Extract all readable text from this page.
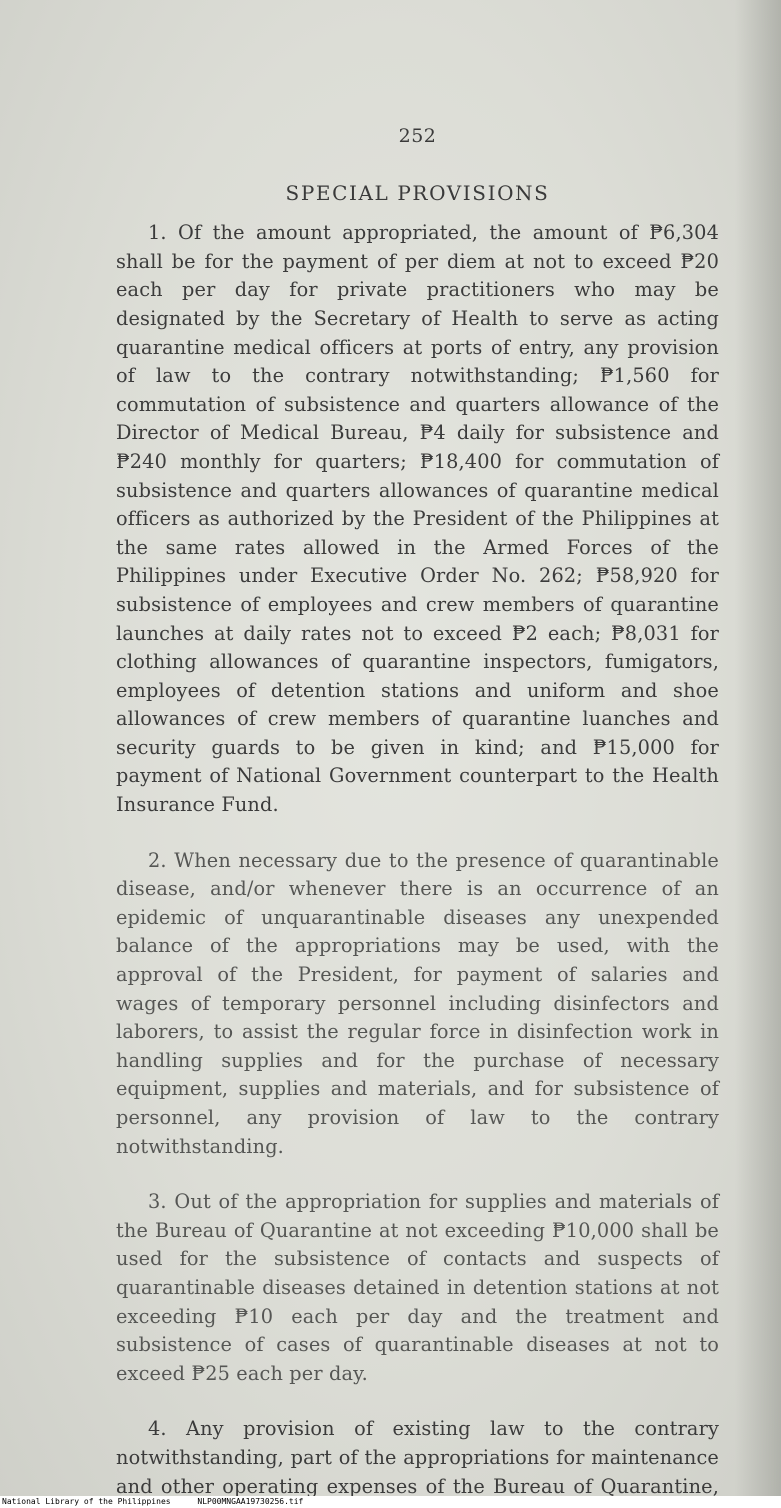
252
SPECIAL PROVISIONS

1. Of the amount appropriated, the amount of ₱6,304 shall be for the payment of per diem at not to exceed ₱20 each per day for private practitioners who may be designated by the Secretary of Health to serve as acting quarantine medical officers at ports of entry, any provision of law to the contrary notwithstanding; ₱1,560 for commutation of subsistence and quarters allowance of the Director of Medical Bureau, ₱4 daily for subsistence and ₱240 monthly for quarters; ₱18,400 for commutation of subsistence and quarters allowances of quarantine medical officers as authorized by the President of the Philippines at the same rates allowed in the Armed Forces of the Philippines under Executive Order No. 262; ₱58,920 for subsistence of employees and crew members of quarantine launches at daily rates not to exceed ₱2 each; ₱8,031 for clothing allowances of quarantine inspectors, fumigators, employees of detention stations and uniform and shoe allowances of crew members of quarantine luanches and security guards to be given in kind; and ₱15,000 for payment of National Government counterpart to the Health Insurance Fund.

2. When necessary due to the presence of quarantinable disease, and/or whenever there is an occurrence of an epidemic of unquarantinable diseases any unexpended balance of the appropriations may be used, with the approval of the President, for payment of salaries and wages of temporary personnel including disinfectors and laborers, to assist the regular force in disinfection work in handling supplies and for the purchase of necessary equipment, supplies and materials, and for subsistence of personnel, any provision of law to the contrary notwithstanding.

3. Out of the appropriation for supplies and materials of the Bureau of Quarantine at not exceeding ₱10,000 shall be used for the subsistence of contacts and suspects of quarantinable diseases detained in detention stations at not exceeding ₱10 each per day and the treatment and subsistence of cases of quarantinable diseases at not to exceed ₱25 each per day.

4. Any provision of existing law to the contrary notwithstanding, part of the appropriations for maintenance and other operating expenses of the Bureau of Quarantine,

National Library of the Philippines	NLP00MNGAA19730256.tif
